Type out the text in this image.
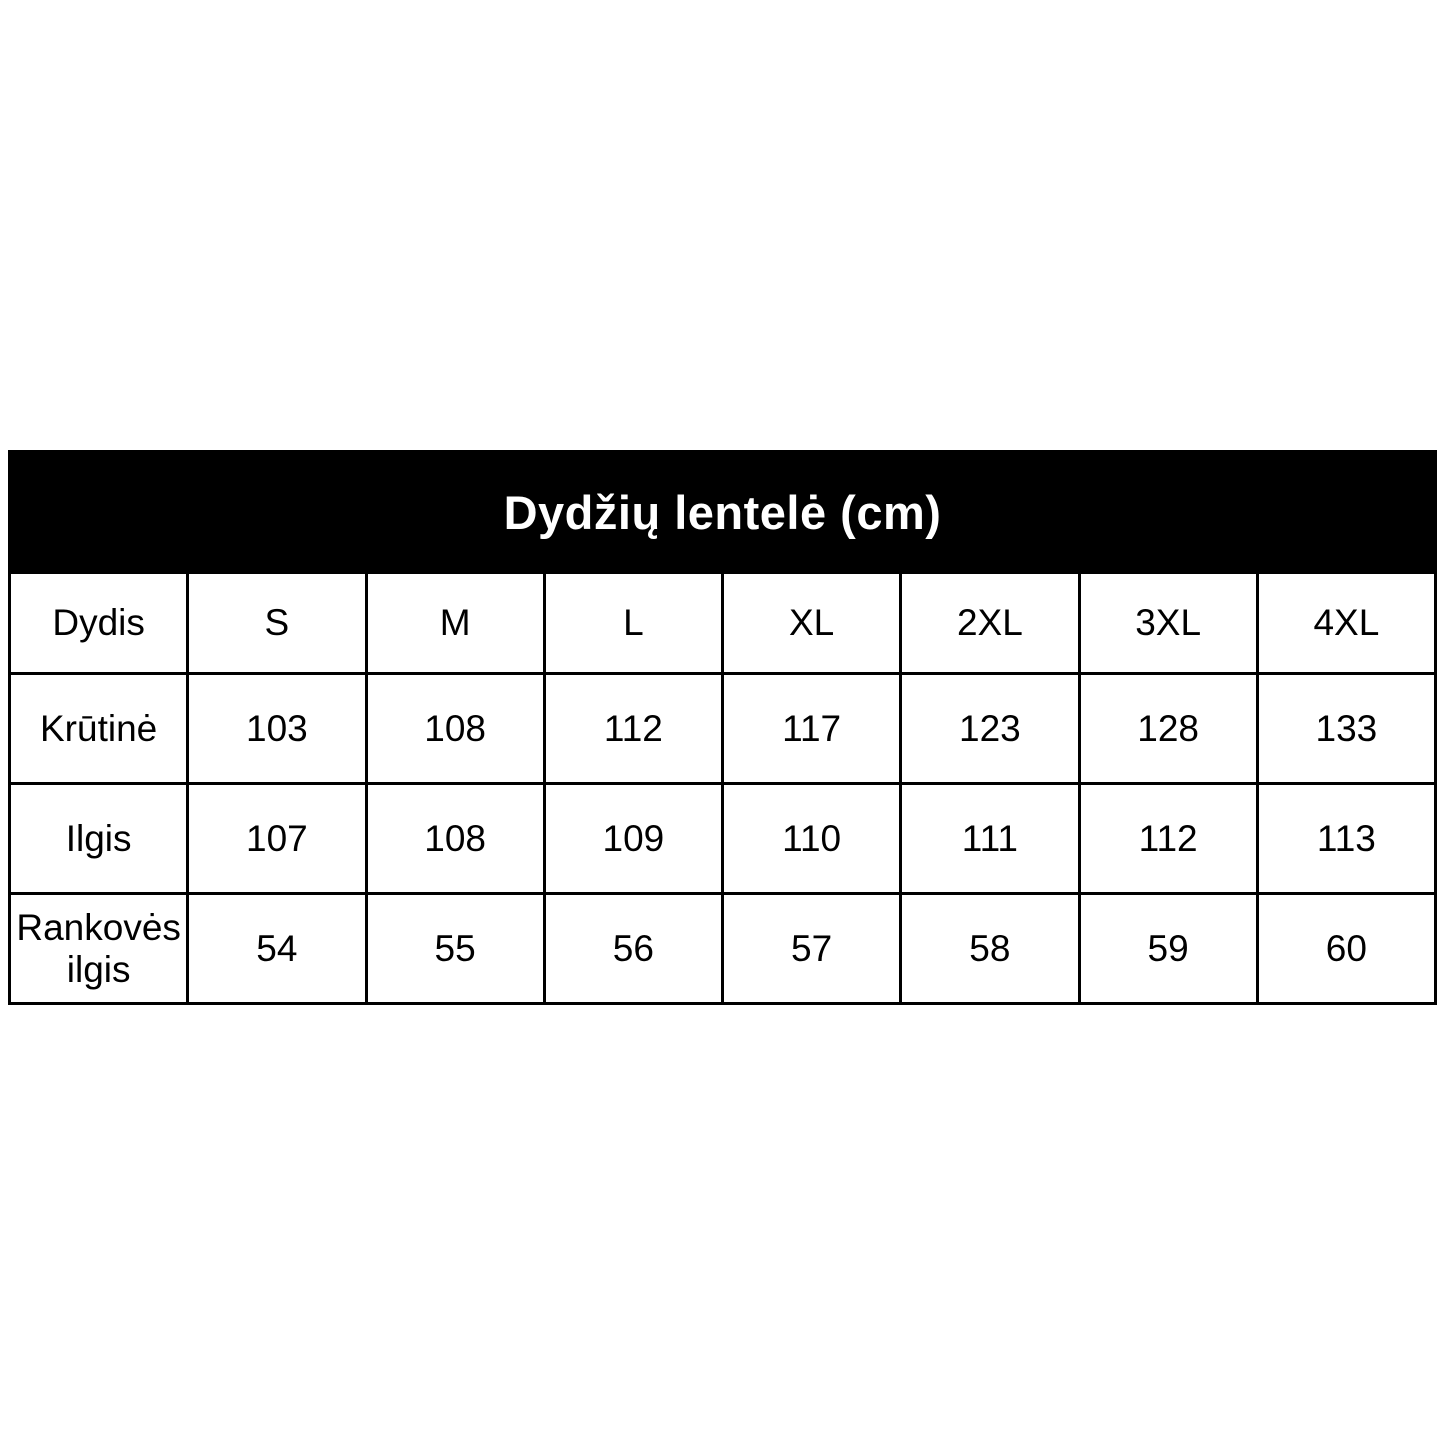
Dydžių lentelė (cm)							
Dydis	S	M	L	XL	2XL	3XL	4XL
Krūtinė	103	108	112	117	123	128	133
Ilgis	107	108	109	110	111	112	113
Rankovės ilgis	54	55	56	57	58	59	60
